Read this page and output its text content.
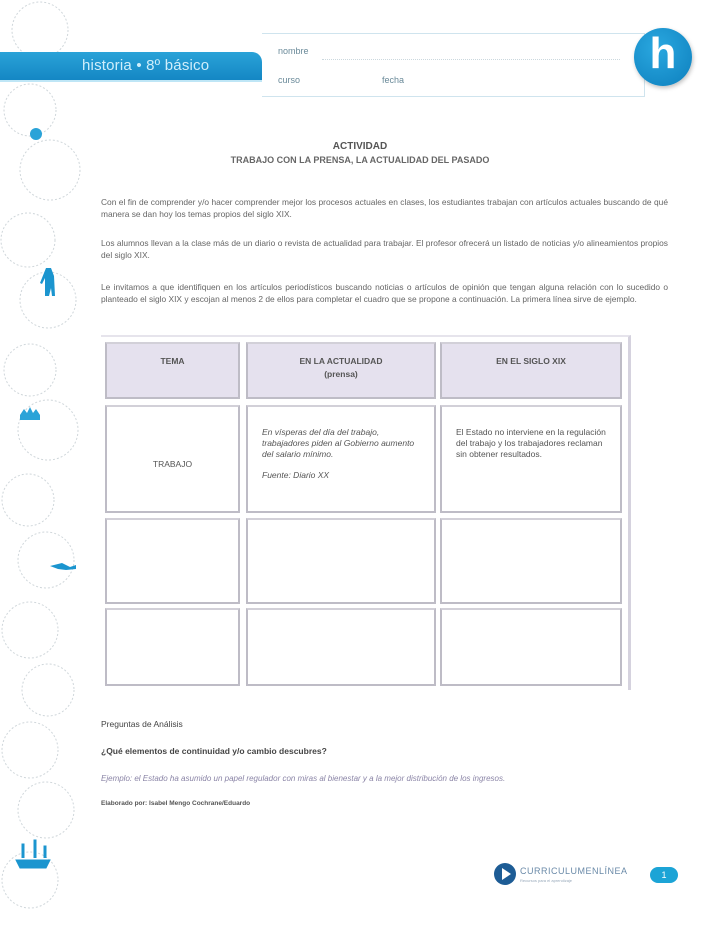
historia • 8º básico
nombre
curso	fecha
h
ACTIVIDAD
TRABAJO CON LA PRENSA, LA ACTUALIDAD DEL PASADO
Con el fin de comprender y/o hacer comprender mejor los procesos actuales en clases, los estudiantes trabajan con artículos actuales buscando de qué manera se dan hoy los temas propios del siglo XIX.
Los alumnos llevan a la clase más de un diario o revista de actualidad para trabajar. El profesor ofrecerá un listado de noticias y/o alineamientos propios del siglo XIX.
Le invitamos a que identifiquen en los artículos periodísticos buscando noticias o artículos de opinión que tengan alguna relación con lo sucedido o planteado el siglo XIX y escojan al menos 2 de ellos para completar el cuadro que se propone a continuación. La primera línea sirve de ejemplo.
TEMA	EN LA ACTUALIDAD
(prensa)
EN EL SIGLO XIX
TRABAJO
En vísperas del día del trabajo, trabajadores piden al Gobierno aumento del salario mínimo.
Fuente: Diario XX
El Estado no interviene en la regulación del trabajo y los trabajadores reclaman sin obtener resultados.
Preguntas de Análisis
¿Qué elementos de continuidad y/o cambio descubres?
Ejemplo: el Estado ha asumido un papel regulador con miras al bienestar y a la mejor distribución de los ingresos.
Elaborado por: Isabel Mengo Cochrane/Eduardo
CURRICULUMENLÍNEA
Recursos para el aprendizaje
1
